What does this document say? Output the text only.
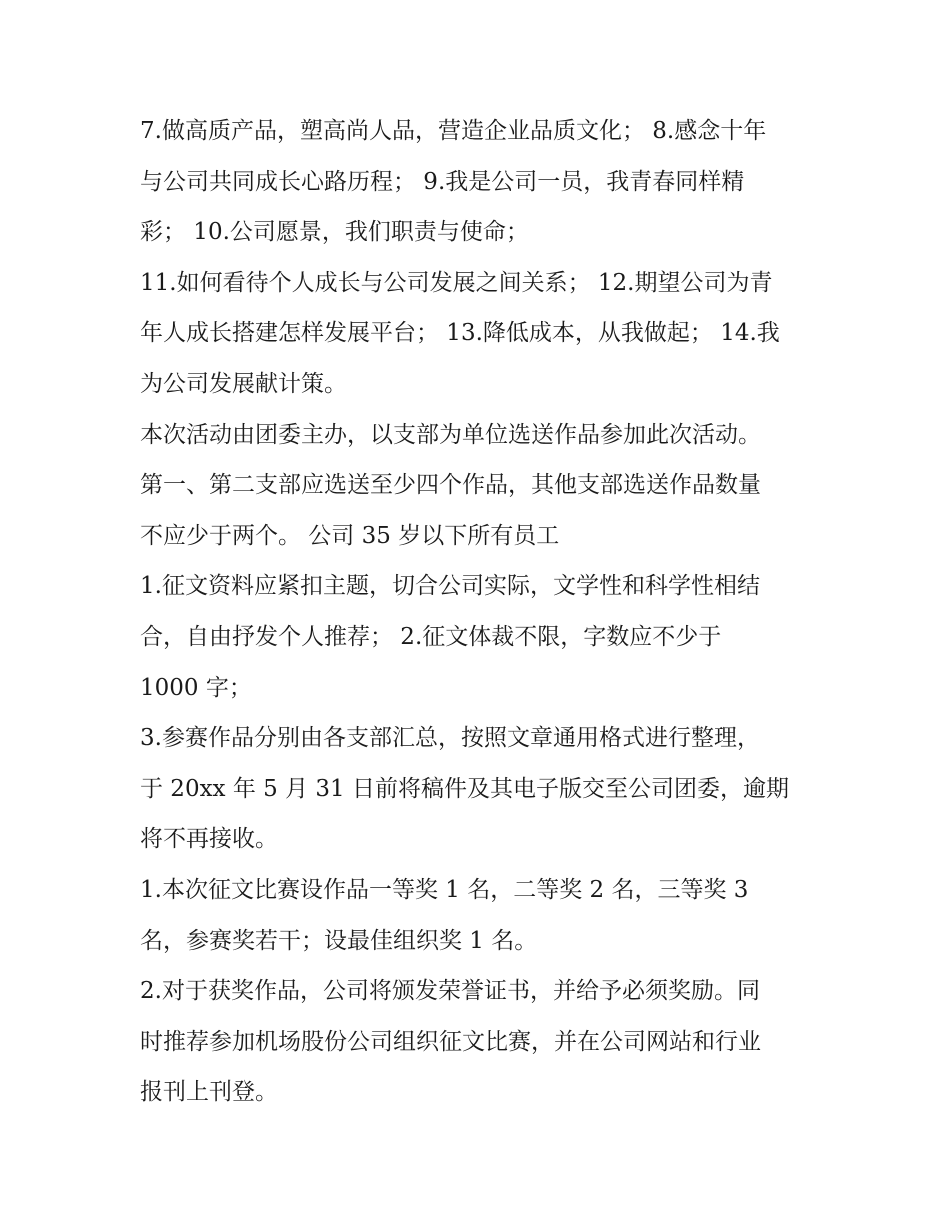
7.做高质产品，塑高尚人品，营造企业品质文化； 8.感念十年
与公司共同成长心路历程； 9.我是公司一员，我青春同样精
彩； 10.公司愿景，我们职责与使命；
11.如何看待个人成长与公司发展之间关系； 12.期望公司为青
年人成长搭建怎样发展平台； 13.降低成本，从我做起； 14.我
为公司发展献计策。
本次活动由团委主办，以支部为单位选送作品参加此次活动。
第一、第二支部应选送至少四个作品，其他支部选送作品数量
不应少于两个。 公司 35 岁以下所有员工
1.征文资料应紧扣主题，切合公司实际，文学性和科学性相结
合，自由抒发个人推荐； 2.征文体裁不限，字数应不少于
1000 字；
3.参赛作品分别由各支部汇总，按照文章通用格式进行整理，
于 20xx 年 5 月 31 日前将稿件及其电子版交至公司团委，逾期
将不再接收。
1.本次征文比赛设作品一等奖 1 名，二等奖 2 名，三等奖 3
名，参赛奖若干；设最佳组织奖 1 名。
2.对于获奖作品，公司将颁发荣誉证书，并给予必须奖励。同
时推荐参加机场股份公司组织征文比赛，并在公司网站和行业
报刊上刊登。
